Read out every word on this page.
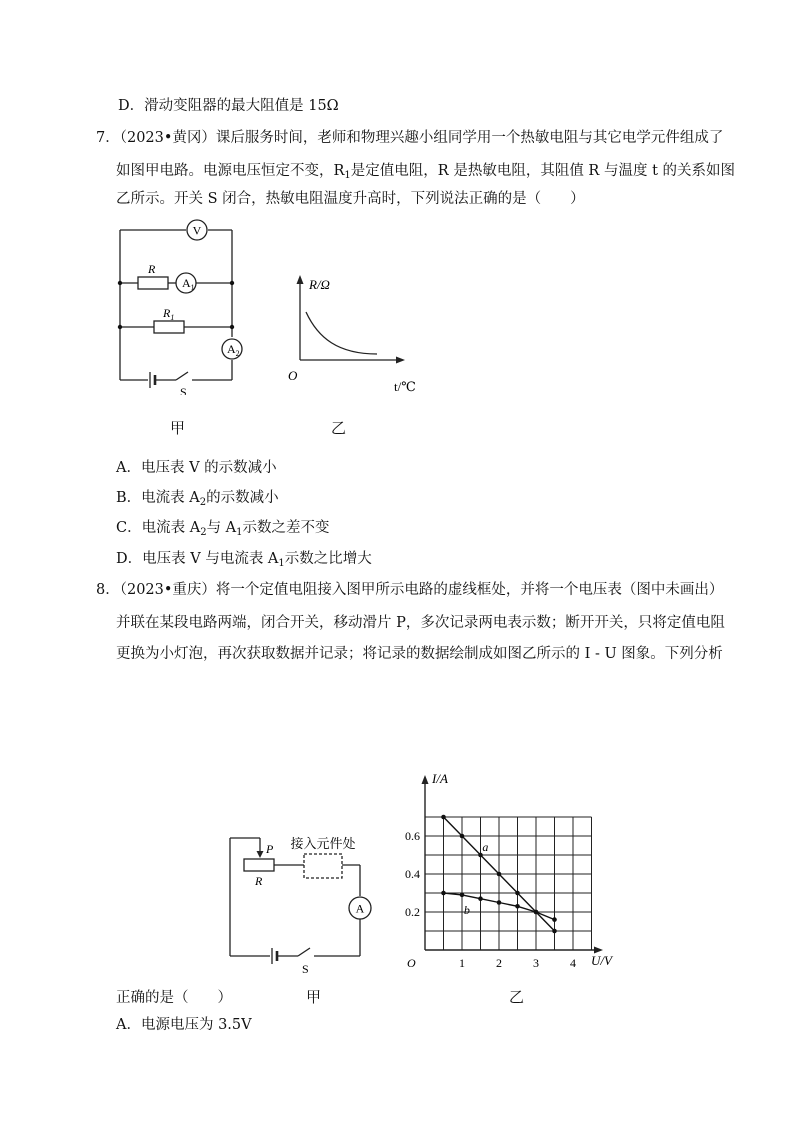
D．滑动变阻器的最大阻值是 15Ω
7．（2023•黄冈）课后服务时间，老师和物理兴趣小组同学用一个热敏电阻与其它电学元件组成了
如图甲电路。电源电压恒定不变，$R_1$是定值电阻，R 是热敏电阻，其阻值 R 与温度 t 的关系如图
乙所示。开关 S 闭合，热敏电阻温度升高时，下列说法正确的是（　　）
V
R
$A_1$
$R_1$
$A_2$
S
R/Ω
t/℃
O
甲	乙
A．电压表 V 的示数减小
B．电流表 $A_2$的示数减小
C．电流表 $A_2$与 $A_1$示数之差不变
D．电压表 V 与电流表 $A_1$示数之比增大
8．（2023•重庆）将一个定值电阻接入图甲所示电路的虚线框处，并将一个电压表（图中未画出）
并联在某段电路两端，闭合开关，移动滑片 P，多次记录两电表示数；断开开关，只将定值电阻
更换为小灯泡，再次获取数据并记录；将记录的数据绘制成如图乙所示的 I - U 图象。下列分析
P
R
接入元件处
A
S	1	2	3	4
0.2
0.4
0.6
O
I/A
U/V
a
b
甲	乙
正确的是（　　）
A．电源电压为 3.5V
